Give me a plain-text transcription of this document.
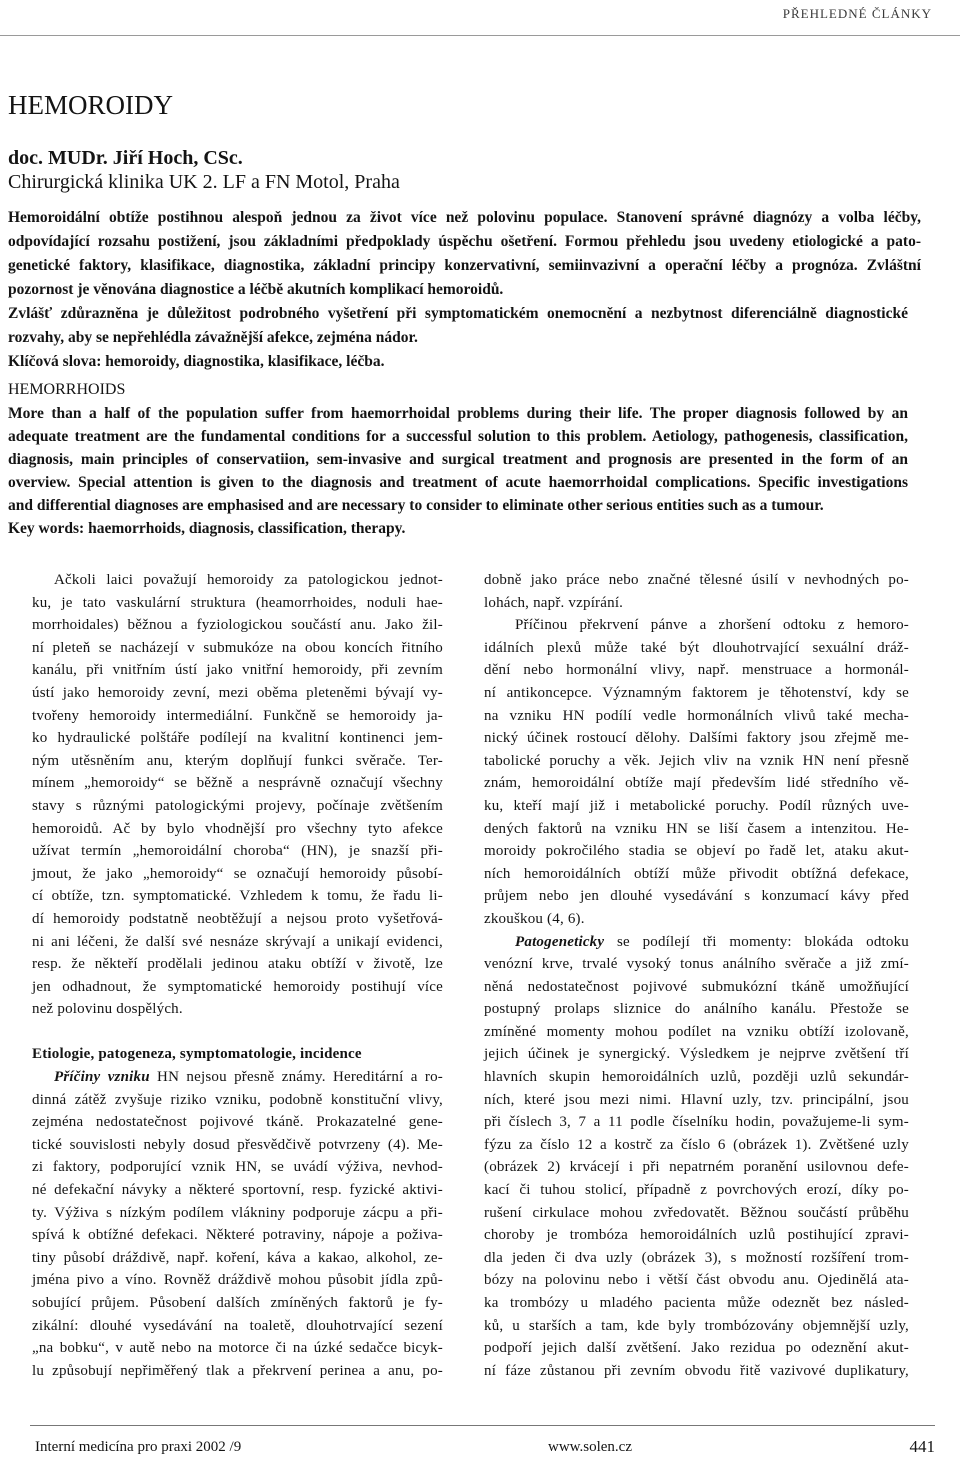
PŘEHLEDNÉ ČLÁNKY
HEMOROIDY
doc. MUDr. Jiří Hoch, CSc.
Chirurgická klinika UK 2. LF a FN Motol, Praha
Hemoroidální obtíže postihnou alespoň jednou za život více než polovinu populace. Stanovení správné diagnózy a volba léčby,
odpovídající rozsahu postižení, jsou základními předpoklady úspěchu ošetření. Formou přehledu jsou uvedeny etiologické a pato-
genetické faktory, klasifikace, diagnostika, základní principy konzervativní, semiinvazivní a operační léčby a prognóza. Zvláštní
pozornost je věnována diagnostice a léčbě akutních komplikací hemoroidů.
Zvlášť zdůrazněna je důležitost podrobného vyšetření při symptomatickém onemocnění a nezbytnost diferenciálně diagnostické
rozvahy, aby se nepřehlédla závažnější afekce, zejména nádor.
Klíčová slova: hemoroidy, diagnostika, klasifikace, léčba.
HEMORRHOIDS
More than a half of the population suffer from haemorrhoidal problems during their life. The proper diagnosis followed by an
adequate treatment are the fundamental conditions for a successful solution to this problem. Aetiology, pathogenesis, classification,
diagnosis, main principles of conservatiion, sem-invasive and surgical treatment and prognosis are presented in the form of an
overview. Special attention is given to the diagnosis and treatment of acute haemorrhoidal complications. Specific investigations
and differential diagnoses are emphasised and are necessary to consider to eliminate other serious entities such as a tumour.
Key words: haemorrhoids, diagnosis, classification, therapy.
Ačkoli laici považují hemoroidy za patologickou jednot-
ku, je tato vaskulární struktura (heamorrhoides, noduli hae-
morrhoidales) běžnou a fyziologickou součástí anu. Jako žil-
ní pleteň se nacházejí v submukóze na obou koncích řitního
kanálu, při vnitřním ústí jako vnitřní hemoroidy, při zevním
ústí jako hemoroidy zevní, mezi oběma pleteněmi bývají vy-
tvořeny hemoroidy intermediální. Funkčně se hemoroidy ja-
ko hydraulické polštáře podílejí na kvalitní kontinenci jem-
ným utěsněním anu, kterým doplňují funkci svěrače. Ter-
mínem „hemoroidy“ se běžně a nesprávně označují všechny
stavy s různými patologickými projevy, počínaje zvětšením
hemoroidů. Ač by bylo vhodnější pro všechny tyto afekce
užívat termín „hemoroidální choroba“ (HN), je snazší při-
jmout, že jako „hemoroidy“ se označují hemoroidy působí-
cí obtíže, tzn. symptomatické. Vzhledem k tomu, že řadu li-
dí hemoroidy podstatně neobtěžují a nejsou proto vyšetřová-
ni ani léčeni, že další své nesnáze skrývají a unikají evidenci,
resp. že někteří prodělali jedinou ataku obtíží v životě, lze
jen odhadnout, že symptomatické hemoroidy postihují více
než polovinu dospělých.
Etiologie, patogeneza, symptomatologie, incidence
Příčiny vzniku HN nejsou přesně známy. Hereditární a ro-
dinná zátěž zvyšuje riziko vzniku, podobně konstituční vlivy,
zejména nedostatečnost pojivové tkáně. Prokazatelné gene-
tické souvislosti nebyly dosud přesvědčivě potvrzeny (4). Me-
zi faktory, podporující vznik HN, se uvádí výživa, nevhod-
né defekační návyky a některé sportovní, resp. fyzické aktivi-
ty. Výživa s nízkým podílem vlákniny podporuje zácpu a při-
spívá k obtížné defekaci. Některé potraviny, nápoje a poživa-
tiny působí dráždivě, např. koření, káva a kakao, alkohol, ze-
jména pivo a víno. Rovněž dráždivě mohou působit jídla způ-
sobující průjem. Působení dalších zmíněných faktorů je fy-
zikální: dlouhé vysedávání na toaletě, dlouhotrvající sezení
„na bobku“, v autě nebo na motorce či na úzké sedačce bicyk-
lu způsobují nepřiměřený tlak a překrvení perinea a anu, po-
dobně jako práce nebo značné tělesné úsilí v nevhodných po-
lohách, např. vzpírání.
Příčinou překrvení pánve a zhoršení odtoku z hemoro-
idálních plexů může také být dlouhotrvající sexuální dráž-
dění nebo hormonální vlivy, např. menstruace a hormonál-
ní antikoncepce. Významným faktorem je těhotenství, kdy se
na vzniku HN podílí vedle hormonálních vlivů také mecha-
nický účinek rostoucí dělohy. Dalšími faktory jsou zřejmě me-
tabolické poruchy a věk. Jejich vliv na vznik HN není přesně
znám, hemoroidální obtíže mají především lidé středního vě-
ku, kteří mají již i metabolické poruchy. Podíl různých uve-
dených faktorů na vzniku HN se liší časem a intenzitou. He-
moroidy pokročilého stadia se objeví po řadě let, ataku akut-
ních hemoroidálních obtíží může přivodit obtížná defekace,
průjem nebo jen dlouhé vysedávání s konzumací kávy před
zkouškou (4, 6).
Patogeneticky se podílejí tři momenty: blokáda odtoku
venózní krve, trvalé vysoký tonus análního svěrače a již zmí-
něná nedostatečnost pojivové submukózní tkáně umožňující
postupný prolaps sliznice do análního kanálu. Přestože se
zmíněné momenty mohou podílet na vzniku obtíží izolovaně,
jejich účinek je synergický. Výsledkem je nejprve zvětšení tří
hlavních skupin hemoroidálních uzlů, později uzlů sekundár-
ních, které jsou mezi nimi. Hlavní uzly, tzv. principální, jsou
při číslech 3, 7 a 11 podle číselníku hodin, považujeme-li sym-
fýzu za číslo 12 a kostrč za číslo 6 (obrázek 1). Zvětšené uzly
(obrázek 2) krvácejí i při nepatrném poranění usilovnou defe-
kací či tuhou stolicí, případně z povrchových erozí, díky po-
rušení cirkulace mohou zvředovatět. Běžnou součástí průběhu
choroby je trombóza hemoroidálních uzlů postihující zpravi-
dla jeden či dva uzly (obrázek 3), s možností rozšíření trom-
bózy na polovinu nebo i větší část obvodu anu. Ojedinělá ata-
ka trombózy u mladého pacienta může odeznět bez násled-
ků, u starších a tam, kde byly trombózovány objemnější uzly,
podpoří jejich další zvětšení. Jako rezidua po odeznění akut-
ní fáze zůstanou při zevním obvodu řitě vazivové duplikatury,
Interní medicína pro praxi 2002 /9	www.solen.cz	441
